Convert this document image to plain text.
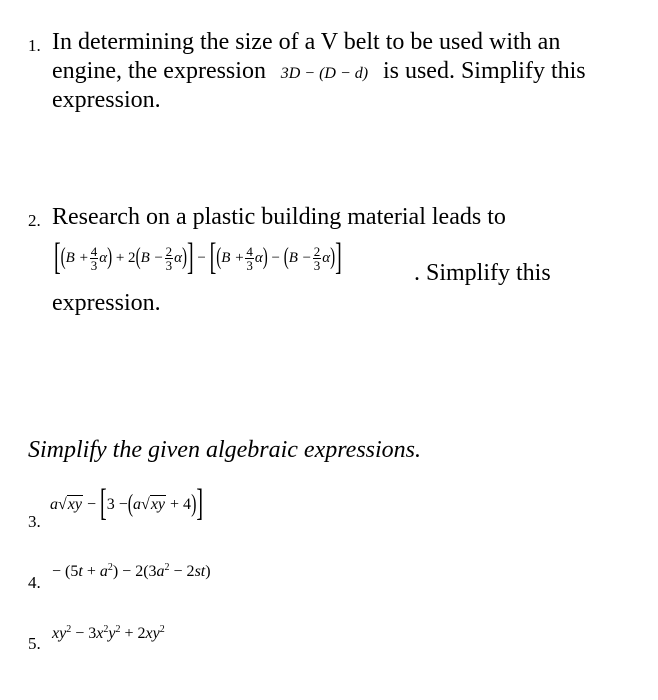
1. In determining the size of a V belt to be used with an
engine, the expression 3D − (D − d) is used. Simplify this
expression.
2. Research on a plastic building material leads to
[ ( $B + \frac{4}{3}$ α ) + 2 ( $B - \frac{2}{3}$ α ) ] − [ ( $B + \frac{4}{3}$ α ) − ( $B - \frac{2}{3}$ α ) ]	. Simplify this
expression.
Simplify the given algebraic expressions.
3.
a √ xy − [ 3 − ( a √ xy + 4 ) ]
4.
− $(5t + a^2) - 2(3a^2 - 2st)$
5.
$xy^2 - 3x^2y^2 + 2xy^2$
